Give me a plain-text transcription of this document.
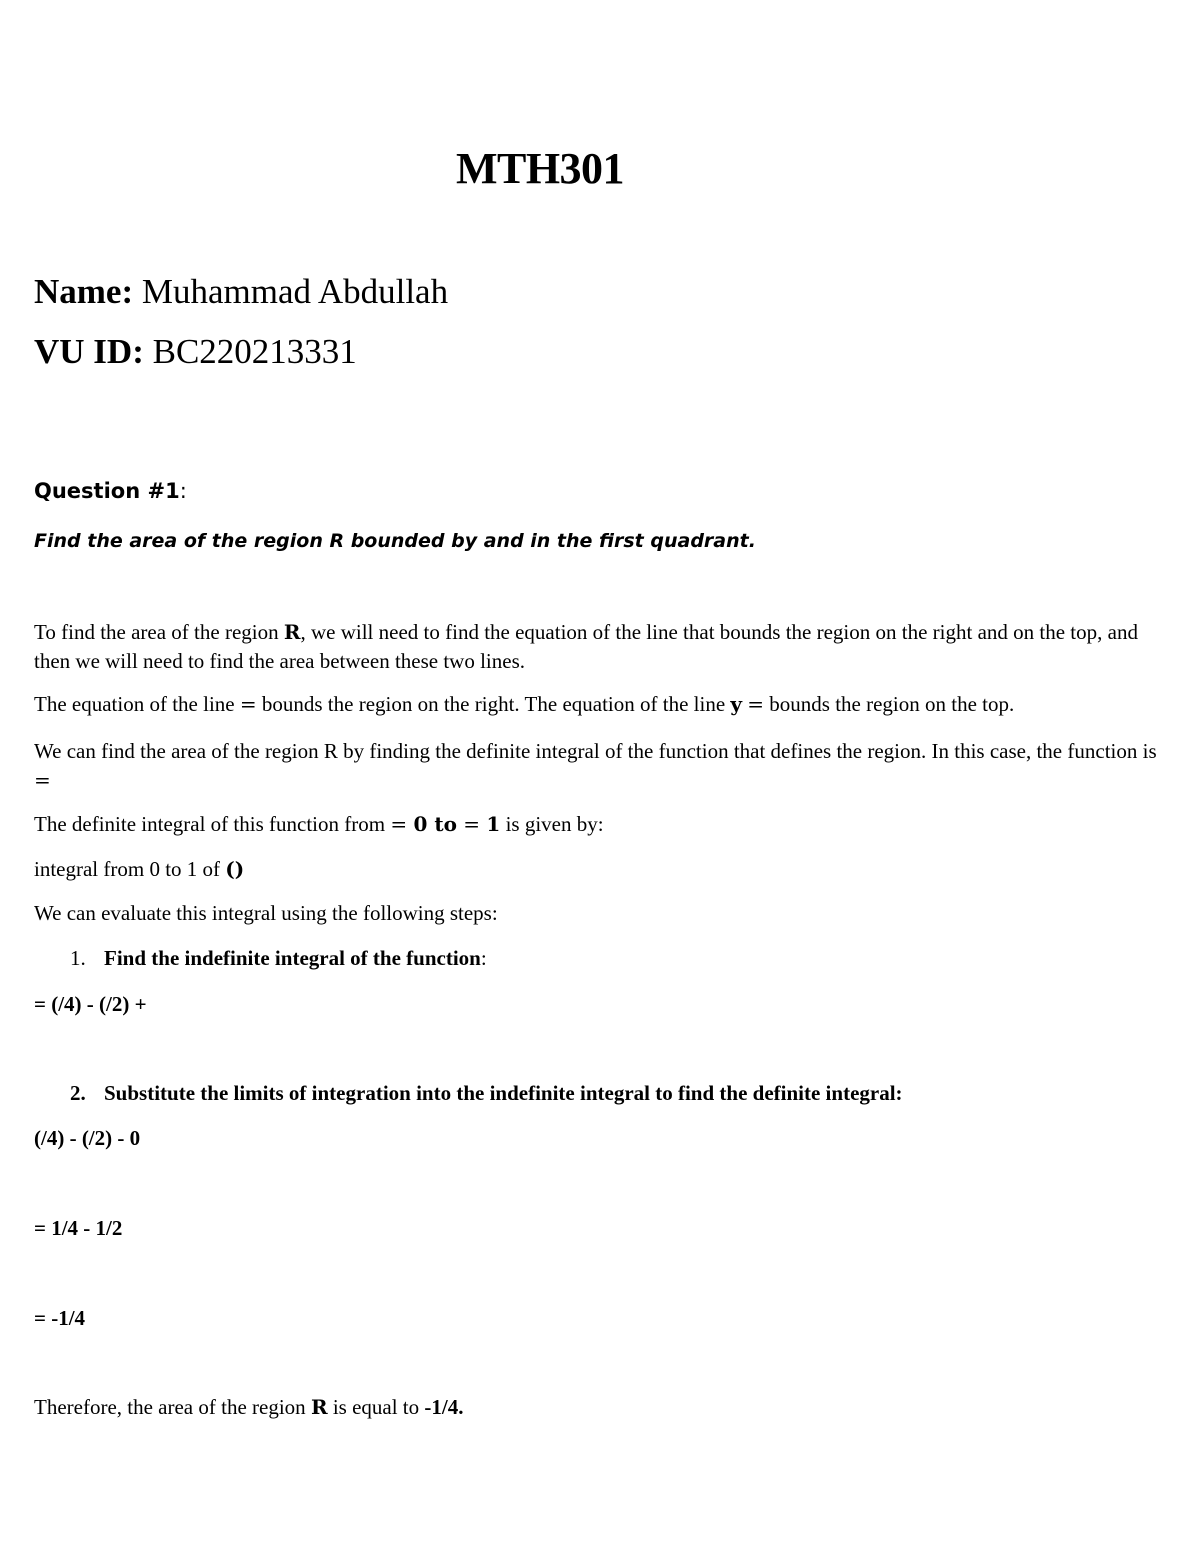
MTH301
Name: Muhammad Abdullah
VU ID: BC220213331
Question #1:
Find the area of the region R bounded by and in the first quadrant.
To find the area of the region R, we will need to find the equation of the line that bounds the region on the right and on the top, and then we will need to find the area between these two lines.
The equation of the line = bounds the region on the right. The equation of the line y = bounds the region on the top.
We can find the area of the region R by finding the definite integral of the function that defines the region. In this case, the function is =
The definite integral of this function from = 0 to = 1 is given by:
integral from 0 to 1 of ()
We can evaluate this integral using the following steps:
1. Find the indefinite integral of the function:
= (/4) - (/2) +
2. Substitute the limits of integration into the indefinite integral to find the definite integral:
(/4) - (/2) - 0
= 1/4 - 1/2
= -1/4
Therefore, the area of the region R is equal to -1/4.
